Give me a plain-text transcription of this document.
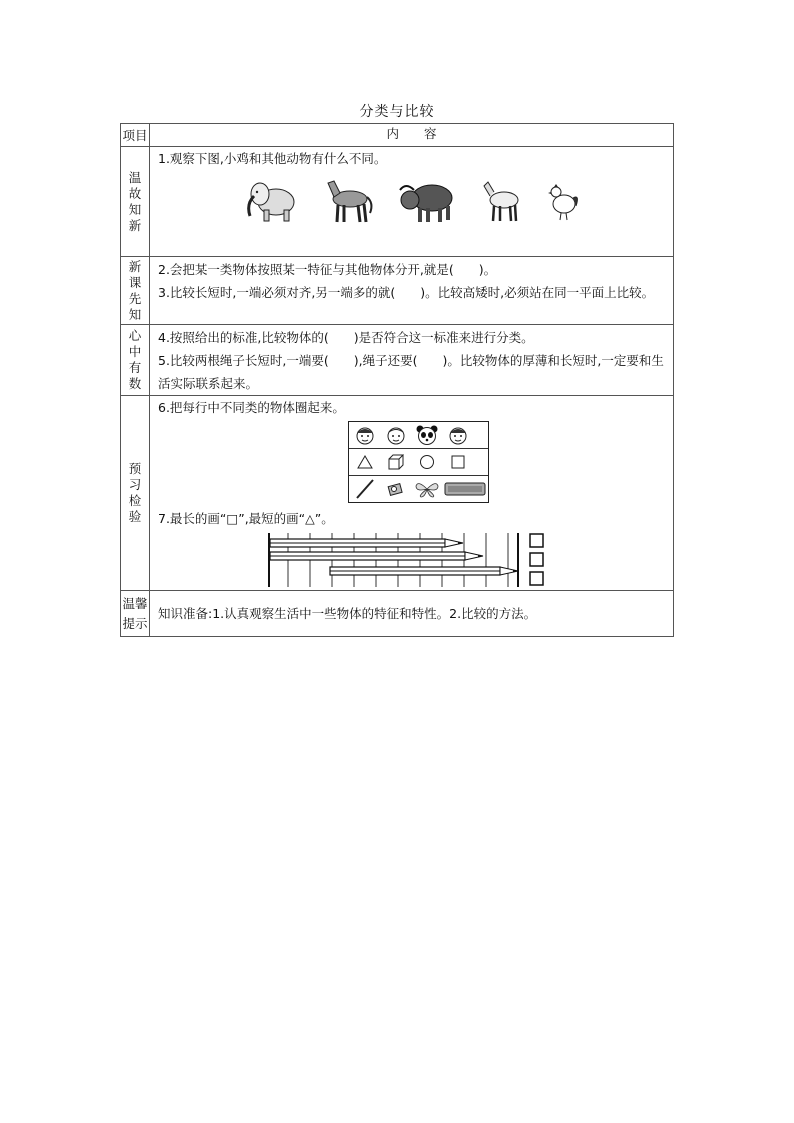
分类与比较
项目	内　　容
温故知新	1.观察下图,小鸡和其他动物有什么不同。

新课先知	2.会把某一类物体按照某一特征与其他物体分开,就是(　　)。
3.比较长短时,一端必须对齐,另一端多的就(　　)。比较高矮时,必须站在同一平面上比较。

心中有数	4.按照给出的标准,比较物体的(　　)是否符合这一标准来进行分类。
5.比较两根绳子长短时,一端要(　　),绳子还要(　　)。比较物体的厚薄和长短时,一定要和生活实际联系起来。

预习检验	6.把每行中不同类的物体圈起来。
7.最长的画“□”,最短的画“△”。

温馨提示	知识准备:1.认真观察生活中一些物体的特征和特性。2.比较的方法。
